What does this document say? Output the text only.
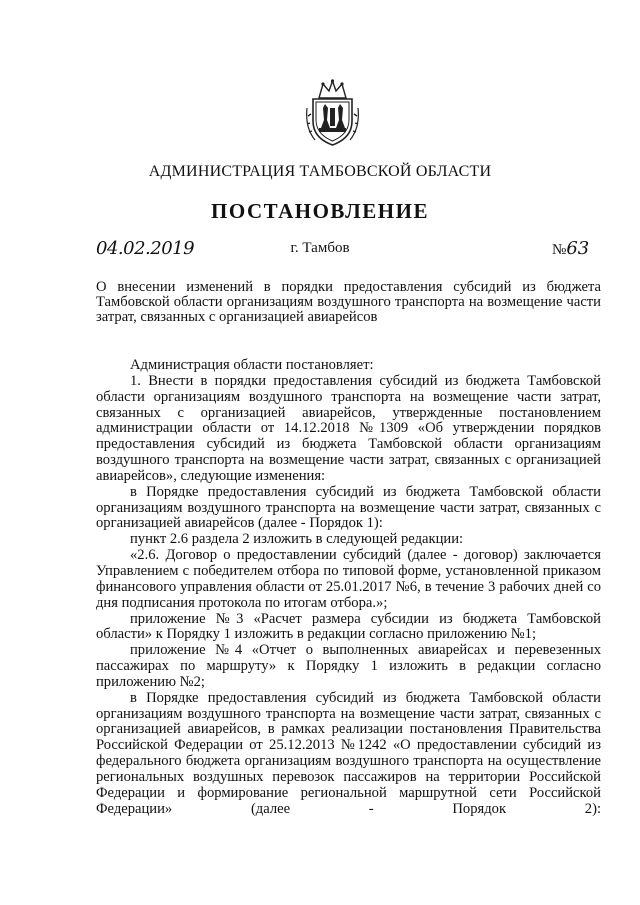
АДМИНИСТРАЦИЯ ТАМБОВСКОЙ ОБЛАСТИ
ПОСТАНОВЛЕНИЕ
04.02.2019	г. Тамбов	№63
О внесении изменений в порядки предоставления субсидий из бюджета Тамбовской области организациям воздушного транспорта на возмещение части затрат, связанных с организацией авиарейсов

Администрация области постановляет:

1. Внести в порядки предоставления субсидий из бюджета Тамбовской области организациям воздушного транспорта на возмещение части затрат, связанных с организацией авиарейсов, утвержденные постановлением администрации области от 14.12.2018 №1309 «Об утверждении порядков предоставления субсидий из бюджета Тамбовской области организациям воздушного транспорта на возмещение части затрат, связанных с организацией авиарейсов», следующие изменения:

в Порядке предоставления субсидий из бюджета Тамбовской области организациям воздушного транспорта на возмещение части затрат, связанных с организацией авиарейсов (далее - Порядок 1):

пункт 2.6 раздела 2 изложить в следующей редакции:

«2.6. Договор о предоставлении субсидий (далее - договор) заключается Управлением с победителем отбора по типовой форме, установленной приказом финансового управления области от 25.01.2017 №6, в течение 3 рабочих дней со дня подписания протокола по итогам отбора.»;

приложение №3 «Расчет размера субсидии из бюджета Тамбовской области» к Порядку 1 изложить в редакции согласно приложению №1;

приложение №4 «Отчет о выполненных авиарейсах и перевезенных пассажирах по маршруту» к Порядку 1 изложить в редакции согласно приложению №2;

в Порядке предоставления субсидий из бюджета Тамбовской области организациям воздушного транспорта на возмещение части затрат, связанных с организацией авиарейсов, в рамках реализации постановления Правительства Российской Федерации от 25.12.2013 №1242 «О предоставлении субсидий из федерального бюджета организациям воздушного транспорта на осуществление региональных воздушных перевозок пассажиров на территории Российской Федерации и формирование региональной маршрутной сети Российской Федерации» (далее - Порядок 2):
